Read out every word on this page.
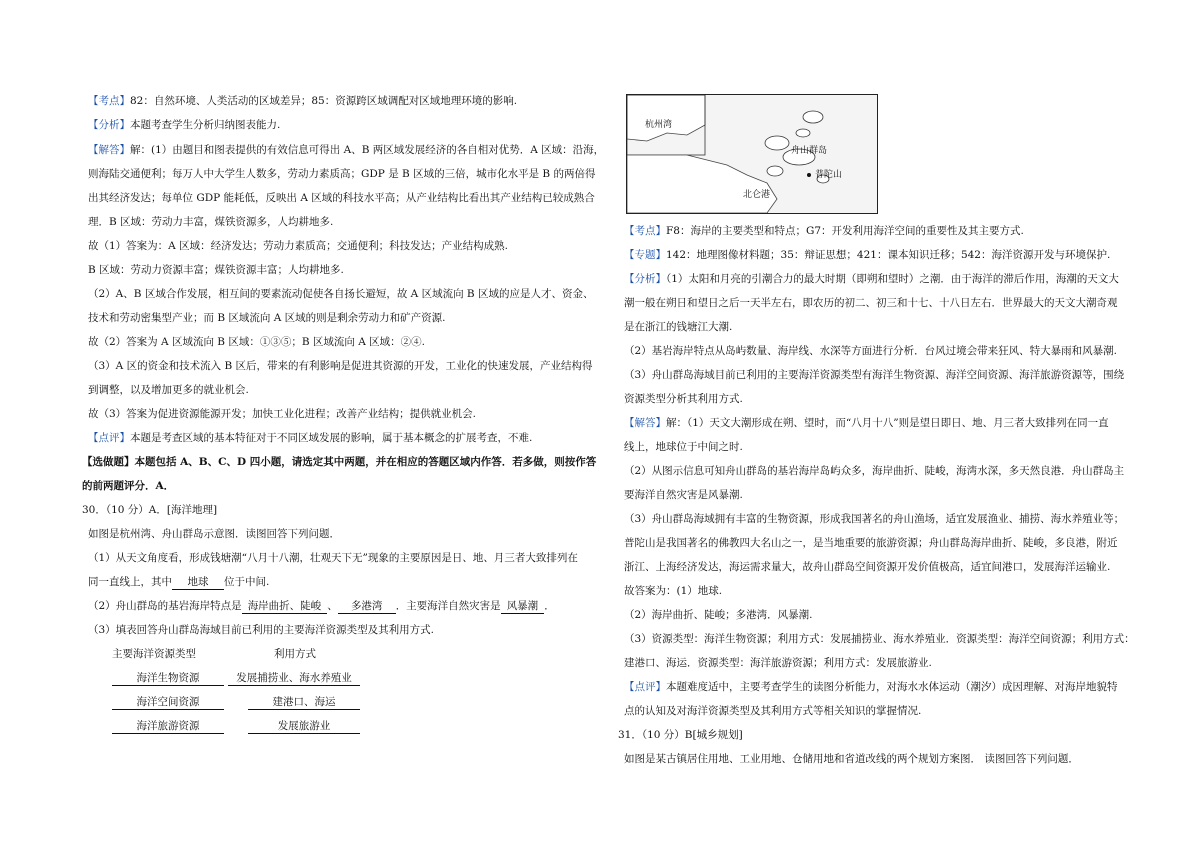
【考点】82：自然环境、人类活动的区域差异；85：资源跨区域调配对区域地理环境的影响.
【分析】本题考查学生分析归纳图表能力.
【解答】解：(1）由题目和图表提供的有效信息可得出 A、B 两区域发展经济的各自相对优势．A 区域：沿海，
则海陆交通便利；每万人中大学生人数多，劳动力素质高；GDP 是 B 区域的三倍，城市化水平是 B 的两倍得
出其经济发达；每单位 GDP 能耗低，反映出 A 区域的科技水平高；从产业结构比看出其产业结构已较成熟合
理．B 区域：劳动力丰富，煤铁资源多，人均耕地多.
故（1）答案为：A 区域：经济发达；劳动力素质高；交通便利；科技发达；产业结构成熟.
B 区域：劳动力资源丰富；煤铁资源丰富；人均耕地多.
（2）A、B 区域合作发展，相互间的要素流动促使各自扬长避短，故 A 区域流向 B 区域的应是人才、资金、
技术和劳动密集型产业；而 B 区域流向 A 区域的则是剩余劳动力和矿产资源.
故（2）答案为 A 区域流向 B 区域：①③⑤；B 区域流向 A 区域：②④.
（3）A 区的资金和技术流入 B 区后，带来的有利影响是促进其资源的开发，工业化的快速发展，产业结构得
到调整，以及增加更多的就业机会.
故（3）答案为促进资源能源开发；加快工业化进程；改善产业结构；提供就业机会.
【点评】本题是考查区域的基本特征对于不同区域发展的影响，属于基本概念的扩展考查，不难.
【选做题】本题包括 A、B、C、D 四小题，请选定其中两题，并在相应的答题区域内作答．若多做，则按作答
的前两题评分．A．
30．（10 分）A．[海洋地理]
如图是杭州湾、舟山群岛示意图．读图回答下列问题．
（1）从天文角度看，形成钱塘潮“八月十八潮，壮观天下无”现象的主要原因是日、地、月三者大致排列在
同一直线上，其中 地球 位于中间.
（2）舟山群岛的基岩海岸特点是 海岸曲折、陡峻 、 多港湾 ．主要海洋自然灾害是 风暴潮 ．
（3）填表回答舟山群岛海域目前已利用的主要海洋资源类型及其利用方式.
主要海洋资源类型	利用方式
海洋生物资源	发展捕捞业、海水养殖业
海洋空间资源	建港口、海运
海洋旅游资源	发展旅游业
杭州湾
舟山群岛
普陀山
北仑港
【考点】F8：海岸的主要类型和特点；G7：开发利用海洋空间的重要性及其主要方式.
【专题】142：地理图像材料题；35：辩证思想；421：课本知识迁移；542：海洋资源开发与环境保护.
【分析】（1）太阳和月亮的引潮合力的最大时期（即朔和望时）之潮．由于海洋的滞后作用，海潮的天文大
潮一般在朔日和望日之后一天半左右，即农历的初二、初三和十七、十八日左右．世界最大的天文大潮奇观
是在浙江的钱塘江大潮.
（2）基岩海岸特点从岛屿数量、海岸线、水深等方面进行分析．台风过境会带来狂风、特大暴雨和风暴潮.
（3）舟山群岛海域目前已利用的主要海洋资源类型有海洋生物资源、海洋空间资源、海洋旅游资源等，围绕
资源类型分析其利用方式.
【解答】解：（1）天文大潮形成在朔、望时，而“八月十八”则是望日即日、地、月三者大致排列在同一直
线上，地球位于中间之时.
（2）从图示信息可知舟山群岛的基岩海岸岛屿众多，海岸曲折、陡峻，海湾水深，多天然良港．舟山群岛主
要海洋自然灾害是风暴潮.
（3）舟山群岛海域拥有丰富的生物资源，形成我国著名的舟山渔场，适宜发展渔业、捕捞、海水养殖业等；
普陀山是我国著名的佛教四大名山之一，是当地重要的旅游资源；舟山群岛海岸曲折、陡峻，多良港，附近
浙江、上海经济发达，海运需求量大，故舟山群岛空间资源开发价值极高，适宜间港口，发展海洋运输业.
故答案为：(1）地球.
（2）海岸曲折、陡峻；多港湾．风暴潮.
（3）资源类型：海洋生物资源；利用方式：发展捕捞业、海水养殖业．资源类型：海洋空间资源；利用方式：
建港口、海运．资源类型：海洋旅游资源；利用方式：发展旅游业.
【点评】本题难度适中，主要考查学生的读图分析能力，对海水水体运动（潮汐）成因理解、对海岸地貌特
点的认知及对海洋资源类型及其利用方式等相关知识的掌握情况.
31．（10 分）B[城乡规划]
如图是某古镇居住用地、工业用地、仓储用地和省道改线的两个规划方案图． 读图回答下列问题．
